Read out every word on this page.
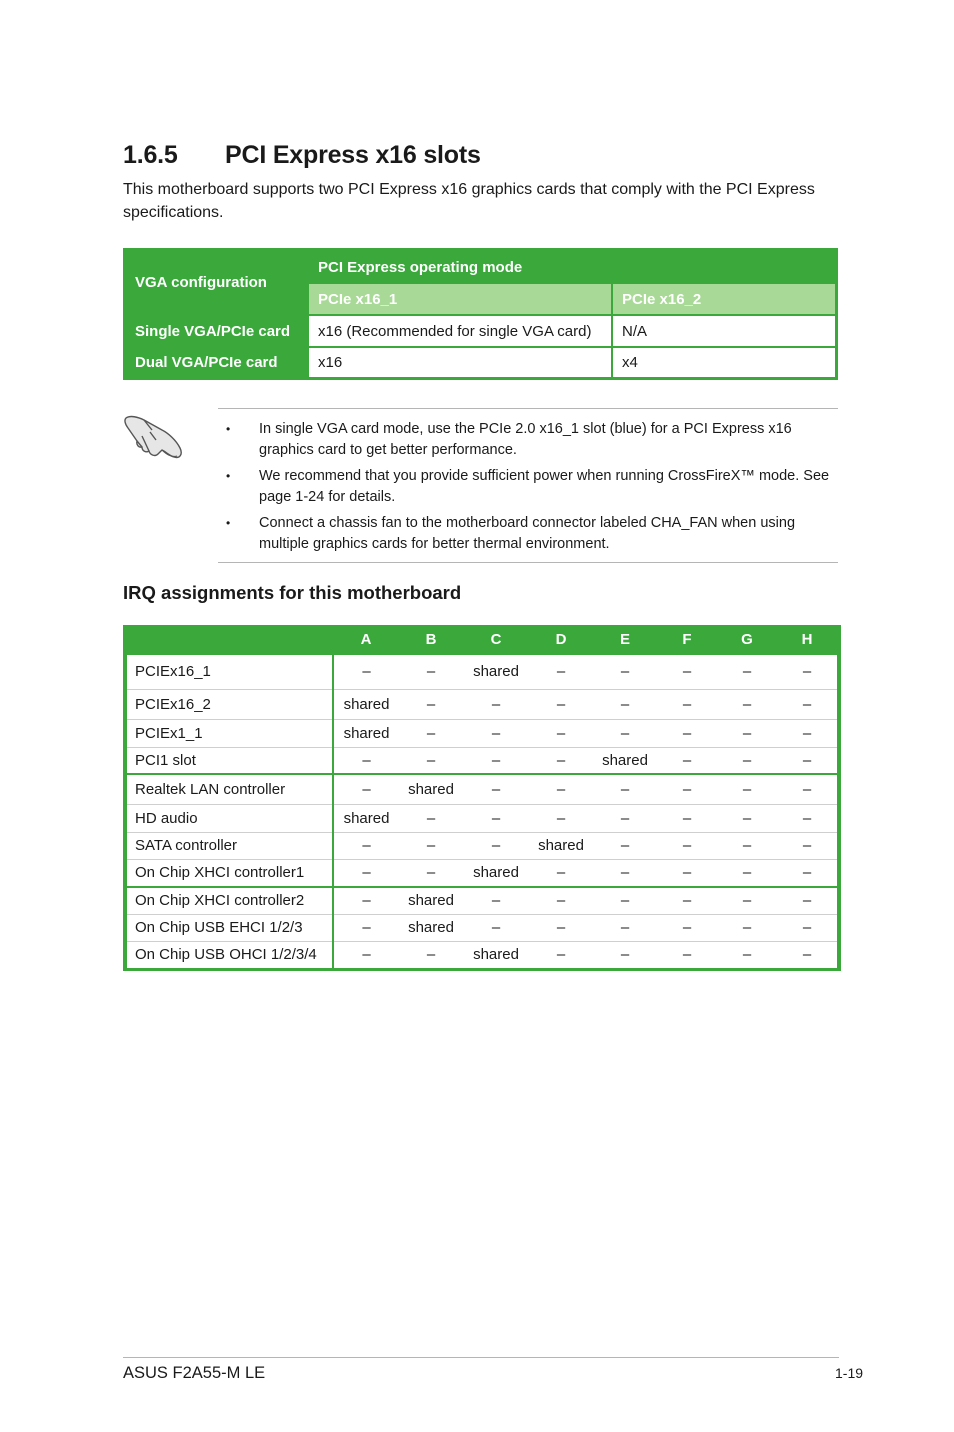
1.6.5 PCI Express x16 slots

This motherboard supports two PCI Express x16 graphics cards that comply with the PCI Express specifications.

VGA configuration	PCI Express operating mode	
	PCIe x16_1	PCIe x16_2
Single VGA/PCIe card	x16 (Recommended for single VGA card)	N/A
Dual VGA/PCIe card	x16	x4
• In single VGA card mode, use the PCIe 2.0 x16_1 slot (blue) for a PCI Express x16 graphics card to get better performance.
• We recommend that you provide sufficient power when running CrossFireX™ mode. See page 1-24 for details.
• Connect a chassis fan to the motherboard connector labeled CHA_FAN when using multiple graphics cards for better thermal environment.
IRQ assignments for this motherboard
	A	B	C	D	E	F	G	H
PCIEx16_1	–	–	shared	–	–	–	–	–
PCIEx16_2	shared	–	–	–	–	–	–	–
PCIEx1_1	shared	–	–	–	–	–	–	–
PCI1 slot	–	–	–	–	shared	–	–	–
Realtek LAN controller	–	shared	–	–	–	–	–	–
HD audio	shared	–	–	–	–	–	–	–
SATA controller	–	–	–	shared	–	–	–	–
On Chip XHCI controller1	–	–	shared	–	–	–	–	–
On Chip XHCI controller2	–	shared	–	–	–	–	–	–
On Chip USB EHCI 1/2/3	–	shared	–	–	–	–	–	–
On Chip USB OHCI 1/2/3/4	–	–	shared	–	–	–	–	–
ASUS F2A55-M LE	1-19
